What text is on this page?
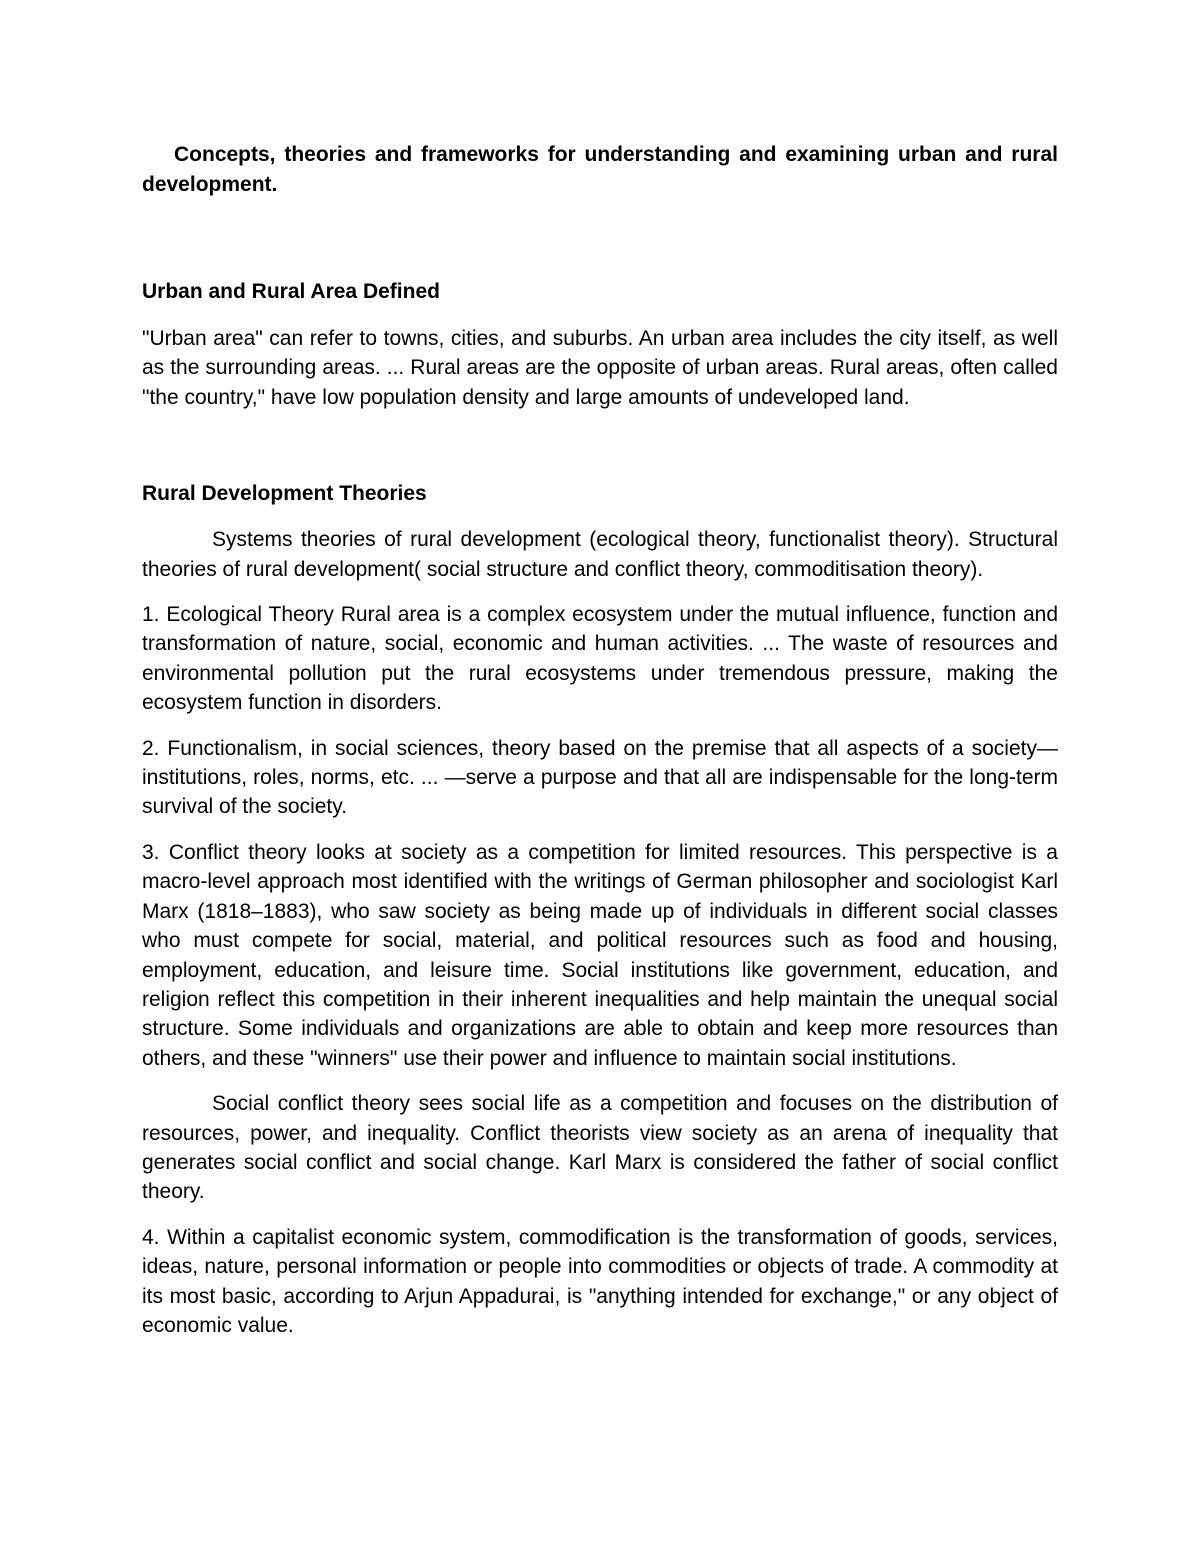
Concepts, theories and frameworks for understanding and examining urban and rural development.

Urban and Rural Area Defined

"Urban area" can refer to towns, cities, and suburbs. An urban area includes the city itself, as well as the surrounding areas. ... Rural areas are the opposite of urban areas. Rural areas, often called "the country," have low population density and large amounts of undeveloped land.

Rural Development Theories

Systems theories of rural development (ecological theory, functionalist theory). Structural theories of rural development( social structure and conflict theory, commoditisation theory).

1. Ecological Theory Rural area is a complex ecosystem under the mutual influence, function and transformation of nature, social, economic and human activities. ... The waste of resources and environmental pollution put the rural ecosystems under tremendous pressure, making the ecosystem function in disorders.

2. Functionalism, in social sciences, theory based on the premise that all aspects of a society—institutions, roles, norms, etc. ... —serve a purpose and that all are indispensable for the long-term survival of the society.

3. Conflict theory looks at society as a competition for limited resources. This perspective is a macro-level approach most identified with the writings of German philosopher and sociologist Karl Marx (1818–1883), who saw society as being made up of individuals in different social classes who must compete for social, material, and political resources such as food and housing, employment, education, and leisure time. Social institutions like government, education, and religion reflect this competition in their inherent inequalities and help maintain the unequal social structure. Some individuals and organizations are able to obtain and keep more resources than others, and these "winners" use their power and influence to maintain social institutions.

Social conflict theory sees social life as a competition and focuses on the distribution of resources, power, and inequality. Conflict theorists view society as an arena of inequality that generates social conflict and social change. Karl Marx is considered the father of social conflict theory.

4. Within a capitalist economic system, commodification is the transformation of goods, services, ideas, nature, personal information or people into commodities or objects of trade. A commodity at its most basic, according to Arjun Appadurai, is "anything intended for exchange," or any object of economic value.
